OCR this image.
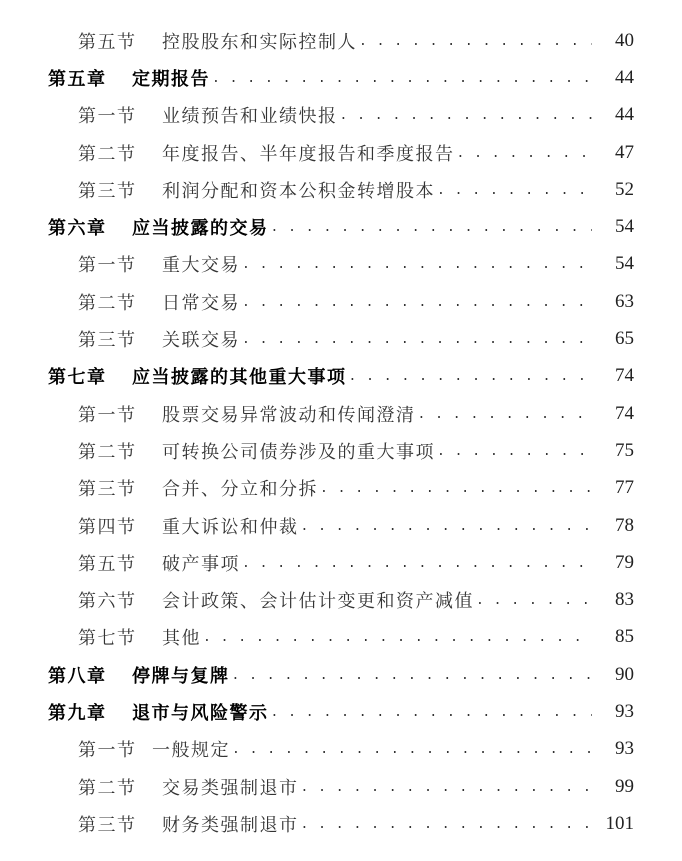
第五节	控股股东和实际控制人 . . .	40
第五章	定期报告 . . .	44
第一节	业绩预告和业绩快报 . . .	44
第二节	年度报告、半年度报告和季度报告 . . .	47
第三节	利润分配和资本公积金转增股本 . . .	52
第六章	应当披露的交易 . . .	54
第一节	重大交易 . . .	54
第二节	日常交易 . . .	63
第三节	关联交易 . . .	65
第七章	应当披露的其他重大事项 . . .	74
第一节	股票交易异常波动和传闻澄清 . . .	74
第二节	可转换公司债券涉及的重大事项 . . .	75
第三节	合并、分立和分拆 . . .	77
第四节	重大诉讼和仲裁 . . .	78
第五节	破产事项 . . .	79
第六节	会计政策、会计估计变更和资产减值 . . .	83
第七节	其他 . . .	85
第八章	停牌与复牌 . . .	90
第九章	退市与风险警示 . . .	93
第一节 一般规定 . . .	93
第二节	交易类强制退市 . . .	99
第三节	财务类强制退市 . . .	101
